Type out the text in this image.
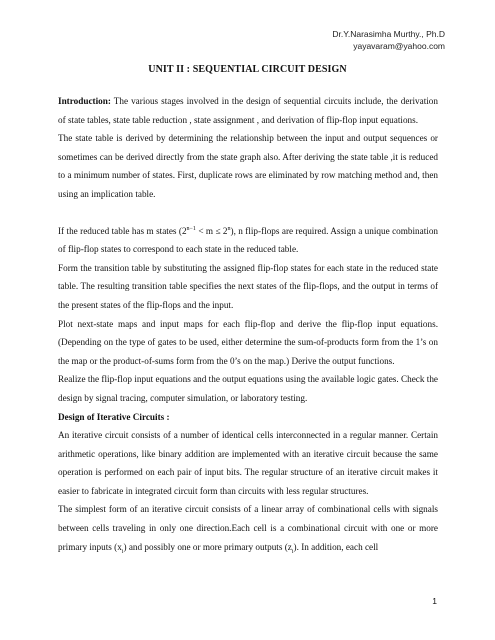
Dr.Y.Narasimha Murthy., Ph.D
yayavaram@yahoo.com
UNIT II : SEQUENTIAL CIRCUIT DESIGN

Introduction: The various stages involved in the design of sequential circuits include, the derivation of state tables, state table reduction , state assignment , and derivation of flip-flop input equations.

The state table is derived by determining the relationship between the input and output sequences or sometimes can be derived directly from the state graph also. After deriving the state table ,it is reduced to a minimum number of states. First, duplicate rows are eliminated by row matching method and, then using an implication table.

If the reduced table has m states $(2^{n-1} < m \le 2^n)$, n flip-flops are required. Assign a unique combination of flip-flop states to correspond to each state in the reduced table.

Form the transition table by substituting the assigned flip-flop states for each state in the reduced state table. The resulting transition table specifies the next states of the flip-flops, and the output in terms of the present states of the flip-flops and the input.

Plot next-state maps and input maps for each flip-flop and derive the flip-flop input equations. (Depending on the type of gates to be used, either determine the sum-of-products form from the 1’s on the map or the product-of-sums form from the 0’s on the map.) Derive the output functions.

Realize the flip-flop input equations and the output equations using the available logic gates. Check the design by signal tracing, computer simulation, or laboratory testing.

Design of Iterative Circuits :

An iterative circuit consists of a number of identical cells interconnected in a regular manner. Certain arithmetic operations, like binary addition are implemented with an iterative circuit because the same operation is performed on each pair of input bits. The regular structure of an iterative circuit makes it easier to fabricate in integrated circuit form than circuits with less regular structures.

The simplest form of an iterative circuit consists of a linear array of combinational cells with signals between cells traveling in only one direction.Each cell is a combinational circuit with one or more primary inputs $(x_i)$ and possibly one or more primary outputs $(z_i)$. In addition, each cell

1
